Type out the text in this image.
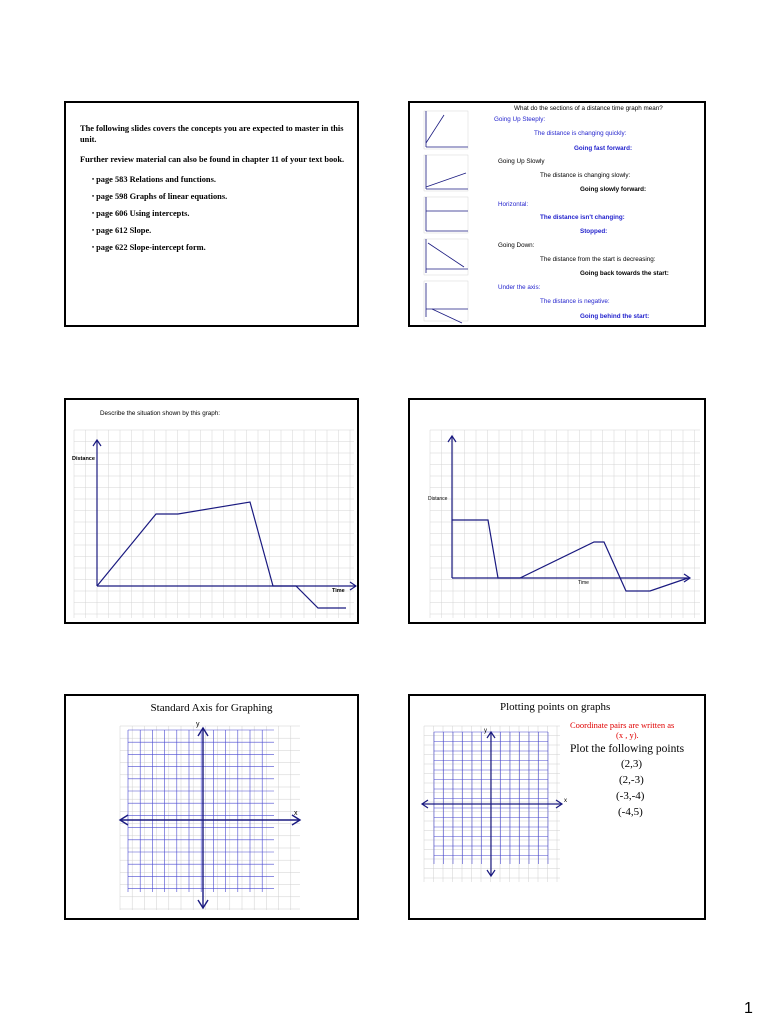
The following slides covers the concepts you are expected to master in this unit.

Further review material can also be found in chapter 11 of your text book.

• page 583 Relations and functions.
• page 598 Graphs of linear equations.
• page 606 Using intercepts.
• page 612 Slope.
• page 622 Slope-intercept form.
What do the sections of a distance time graph mean?
Going Up Steeply:
The distance is changing quickly:
Going fast forward:
Going Up Slowly
The distance is changing slowly:
Going slowly forward:
Horizontal:
The distance isn't changing:
Stopped:
Going Down:
The distance from the start is decreasing:
Going back towards the start:
Under the axis:
The distance is negative:
Going behind the start:
Describe the situation shown by this graph:
Distance
Time
Distance
Time
Standard Axis for Graphing
y
x
Plotting points on graphs
y
x
Coordinate pairs are written as
(x , y).
Plot the following points
(2,3)
(2,-3)
(-3,-4)
(-4,5)
1
